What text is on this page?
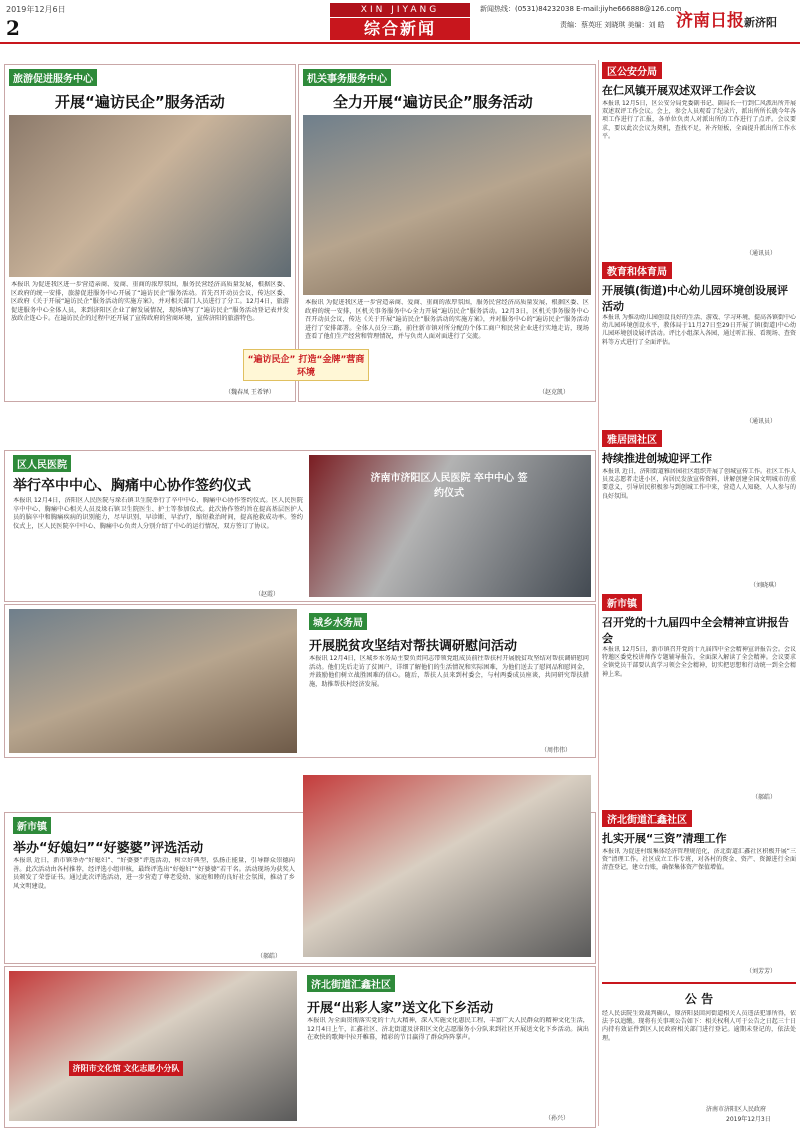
2019年12月6日
2
XIN JIYANG
综合新闻
新闻热线：(0531)84232038 E-mail:jiyhe666888@126.com
责编：蔡英旺 刘晓琪 美编：刘 皓 济南日报新济阳
旅游促进服务中心
开展“遍访民企”服务活动
本报讯 为促进我区进一步营造亲商、爱商、重商的浓厚氛围，服务民营经济高质量发展，根据区委、区政府的统一安排，旅游促进服务中心开展了“遍访民企”服务活动。首先召开动员会议，传达区委、区政府《关于开展“遍访民企”服务活动的实施方案》，并对相关部门人员进行了分工。12月4日，旅游促进服务中心全体人员，来到济阳区企业了解发展情况，现场填写了“遍访民企”服务活动登记表并发放政企连心卡。在遍访民企的过程中还开展了宣传政府的营商环境，宣传济阳的旅游特色。
（魏春凤 王希铎）
机关事务服务中心
全力开展“遍访民企”服务活动
本报讯 为促进我区进一步营造亲商、爱商、重商的浓厚氛围，服务民营经济高质量发展，根据区委、区政府的统一安排，区机关事务服务中心全力开展“遍访民企”服务活动。12月3日，区机关事务服务中心召开动员会议，传达《关于开展“遍访民企”服务活动的实施方案》，并对服务中心的“遍访民企”服务活动进行了安排部署。全体人员分三路，前往新市镇对所分配的个体工商户和民营企业进行实地走访，现场查看了他们生产经营和管理情况，并与负责人面对面进行了交流。
“遍访民企” 打造“金牌”营商环境
（赵克凯）
区人民医院
举行卒中中心、胸痛中心协作签约仪式
本报讯 12月4日，济阳区人民医院与垛石镇卫生院举行了卒中中心、胸痛中心协作签约仪式。区人民医院卒中中心、胸痛中心相关人员及垛石镇卫生院医生、护士等参加仪式。此次协作签约旨在提高基层医护人员的脑卒中和胸痛疾病的识别能力，尽早识别、早诊断、早治疗，缩短救治时间，提高抢救成功率。签约仪式上，区人民医院卒中中心、胸痛中心负责人分别介绍了中心的运行情况，双方签订了协议。
（赵霞）
济南市济阳区人民医院 卒中中心 签约仪式
城乡水务局
开展脱贫攻坚结对帮扶调研慰问活动
本报讯 12月4日，区城乡水务局主要负责同志带领党组成员前往帮扶村开展脱贫攻坚结对帮扶调研慰问活动。他们先后走访了贫困户，详细了解他们的生活情况和实际困难，为他们送去了慰问品和慰问金，并鼓励他们树立战胜困难的信心。随后，帮扶人员来到村委会，与村两委成员座谈，共同研究帮扶措施，助推帮扶村经济发展。
（周伟伟）
新市镇
举办“好媳妇”“好婆婆”评选活动
本报讯 近日，新市镇举办“好媳妇”、“好婆婆”评选活动，树立好典型，弘扬正能量，引导群众崇德向善。此次活动由各村推荐，经评选小组审核，最终评选出“好媳妇”“好婆婆”若干名。活动现场为获奖人员颁发了荣誉证书。通过此次评选活动，进一步营造了尊老爱幼、家庭和睦的良好社会氛围，推动了乡风文明建设。
（郝皓）
济阳市文化馆 文化志愿小分队
济北街道汇鑫社区
开展“出彩人家”送文化下乡活动
本报讯 为全面贯彻落实党的十九大精神，深入实施文化惠民工程，丰富广大人民群众的精神文化生活，12月4日上午，汇鑫社区、济北街道及济阳区文化志愿服务小分队来到社区开展送文化下乡活动。演出在欢快的歌舞中拉开帷幕，精彩的节目赢得了群众阵阵掌声。
（孙兴）
区公安分局
在仁风镇开展双述双评工作会议
本报讯 12月5日，区公安分局党委副书记、副局长一行到仁风派出所开展双述双评工作会议。会上，参会人员观看了纪录片，派出所所长就今年各项工作进行了汇报，各单位负责人对派出所的工作进行了点评。会议要求，要以此次会议为契机，查找不足，补齐短板，全面提升派出所工作水平。
（通讯员）
教育和体育局
开展镇(街道)中心幼儿园环境创设展评活动
本报讯 为推动幼儿园创设良好的生活、游戏、学习环境，提高各镇街中心幼儿园环境创设水平，教体局于11月27日至29日开展了镇(街道)中心幼儿园环境创设展评活动。评比小组深入各园，通过听汇报、看现场、查资料等方式进行了全面评估。
（通讯员）
雅居园社区
持续推进创城迎评工作
本报讯 近日，济阳街道雅居园社区组织开展了创城宣传工作。社区工作人员及志愿者走进小区，向居民发放宣传资料，讲解创建全国文明城市的重要意义，引导居民积极参与到创城工作中来，营造人人知晓、人人参与的良好氛围。
（刘晓琪）
新市镇
召开党的十九届四中全会精神宣讲报告会
本报讯 12月5日，新市镇召开党的十九届四中全会精神宣讲报告会。会议特邀区委党校讲师作专题辅导报告，全面深入解读了全会精神。会议要求全镇党员干部要认真学习领会全会精神，切实把思想和行动统一到全会精神上来。
（郝皓）
济北街道汇鑫社区
扎实开展“三资”清理工作
本报讯 为促进村级集体经济管理规范化，济北街道汇鑫社区积极开展“三资”清理工作。社区成立工作专班，对各村的资金、资产、资源进行全面清查登记，建立台账，确保集体资产保值增值。
（刘芳芳）
公 告
经人民法院生效裁判确认，原济阳县回河街道相关人员违法犯罪所得，依法予以追缴。现将有关事项公告如下：相关权利人可于公告之日起三十日内持有效证件到区人民政府相关部门进行登记。逾期未登记的，依法处理。
济南市济阳区人民政府
2019年12月3日
